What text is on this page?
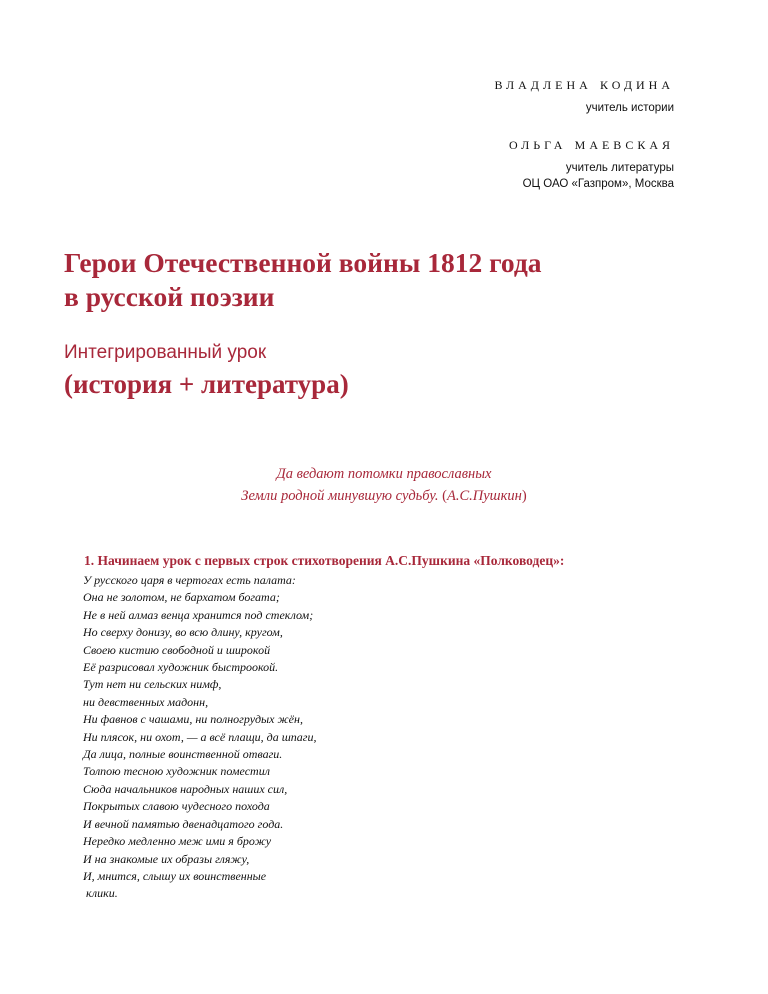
владлена кодина
учитель истории
ольга маевская
учитель литературы
ОЦ ОАО «Газпром», Москва
Герои Отечественной войны 1812 года
в русской поэзии
Интегрированный урок
(история + литература)
Да ведают потомки православных
Земли родной минувшую судьбу. (А.С.Пушкин)
1. Начинаем урок с первых строк стихотворения А.С.Пушкина «Полководец»:
У русского царя в чертогах есть палата:
Она не золотом, не бархатом богата;
Не в ней алмаз венца хранится под стеклом;
Но сверху донизу, во всю длину, кругом,
Своею кистию свободной и широкой
Её разрисовал художник быстроокой.
Тут нет ни сельских нимф,
ни девственных мадонн,
Ни фавнов с чашами, ни полногрудых жён,
Ни плясок, ни охот, — а всё плащи, да шпаги,
Да лица, полные воинственной отваги.
Толпою тесною художник поместил
Сюда начальников народных наших сил,
Покрытых славою чудесного похода
И вечной памятью двенадцатого года.
Нередко медленно меж ими я брожу
И на знакомые их образы гляжу,
И, мнится, слышу их воинственные
клики.
